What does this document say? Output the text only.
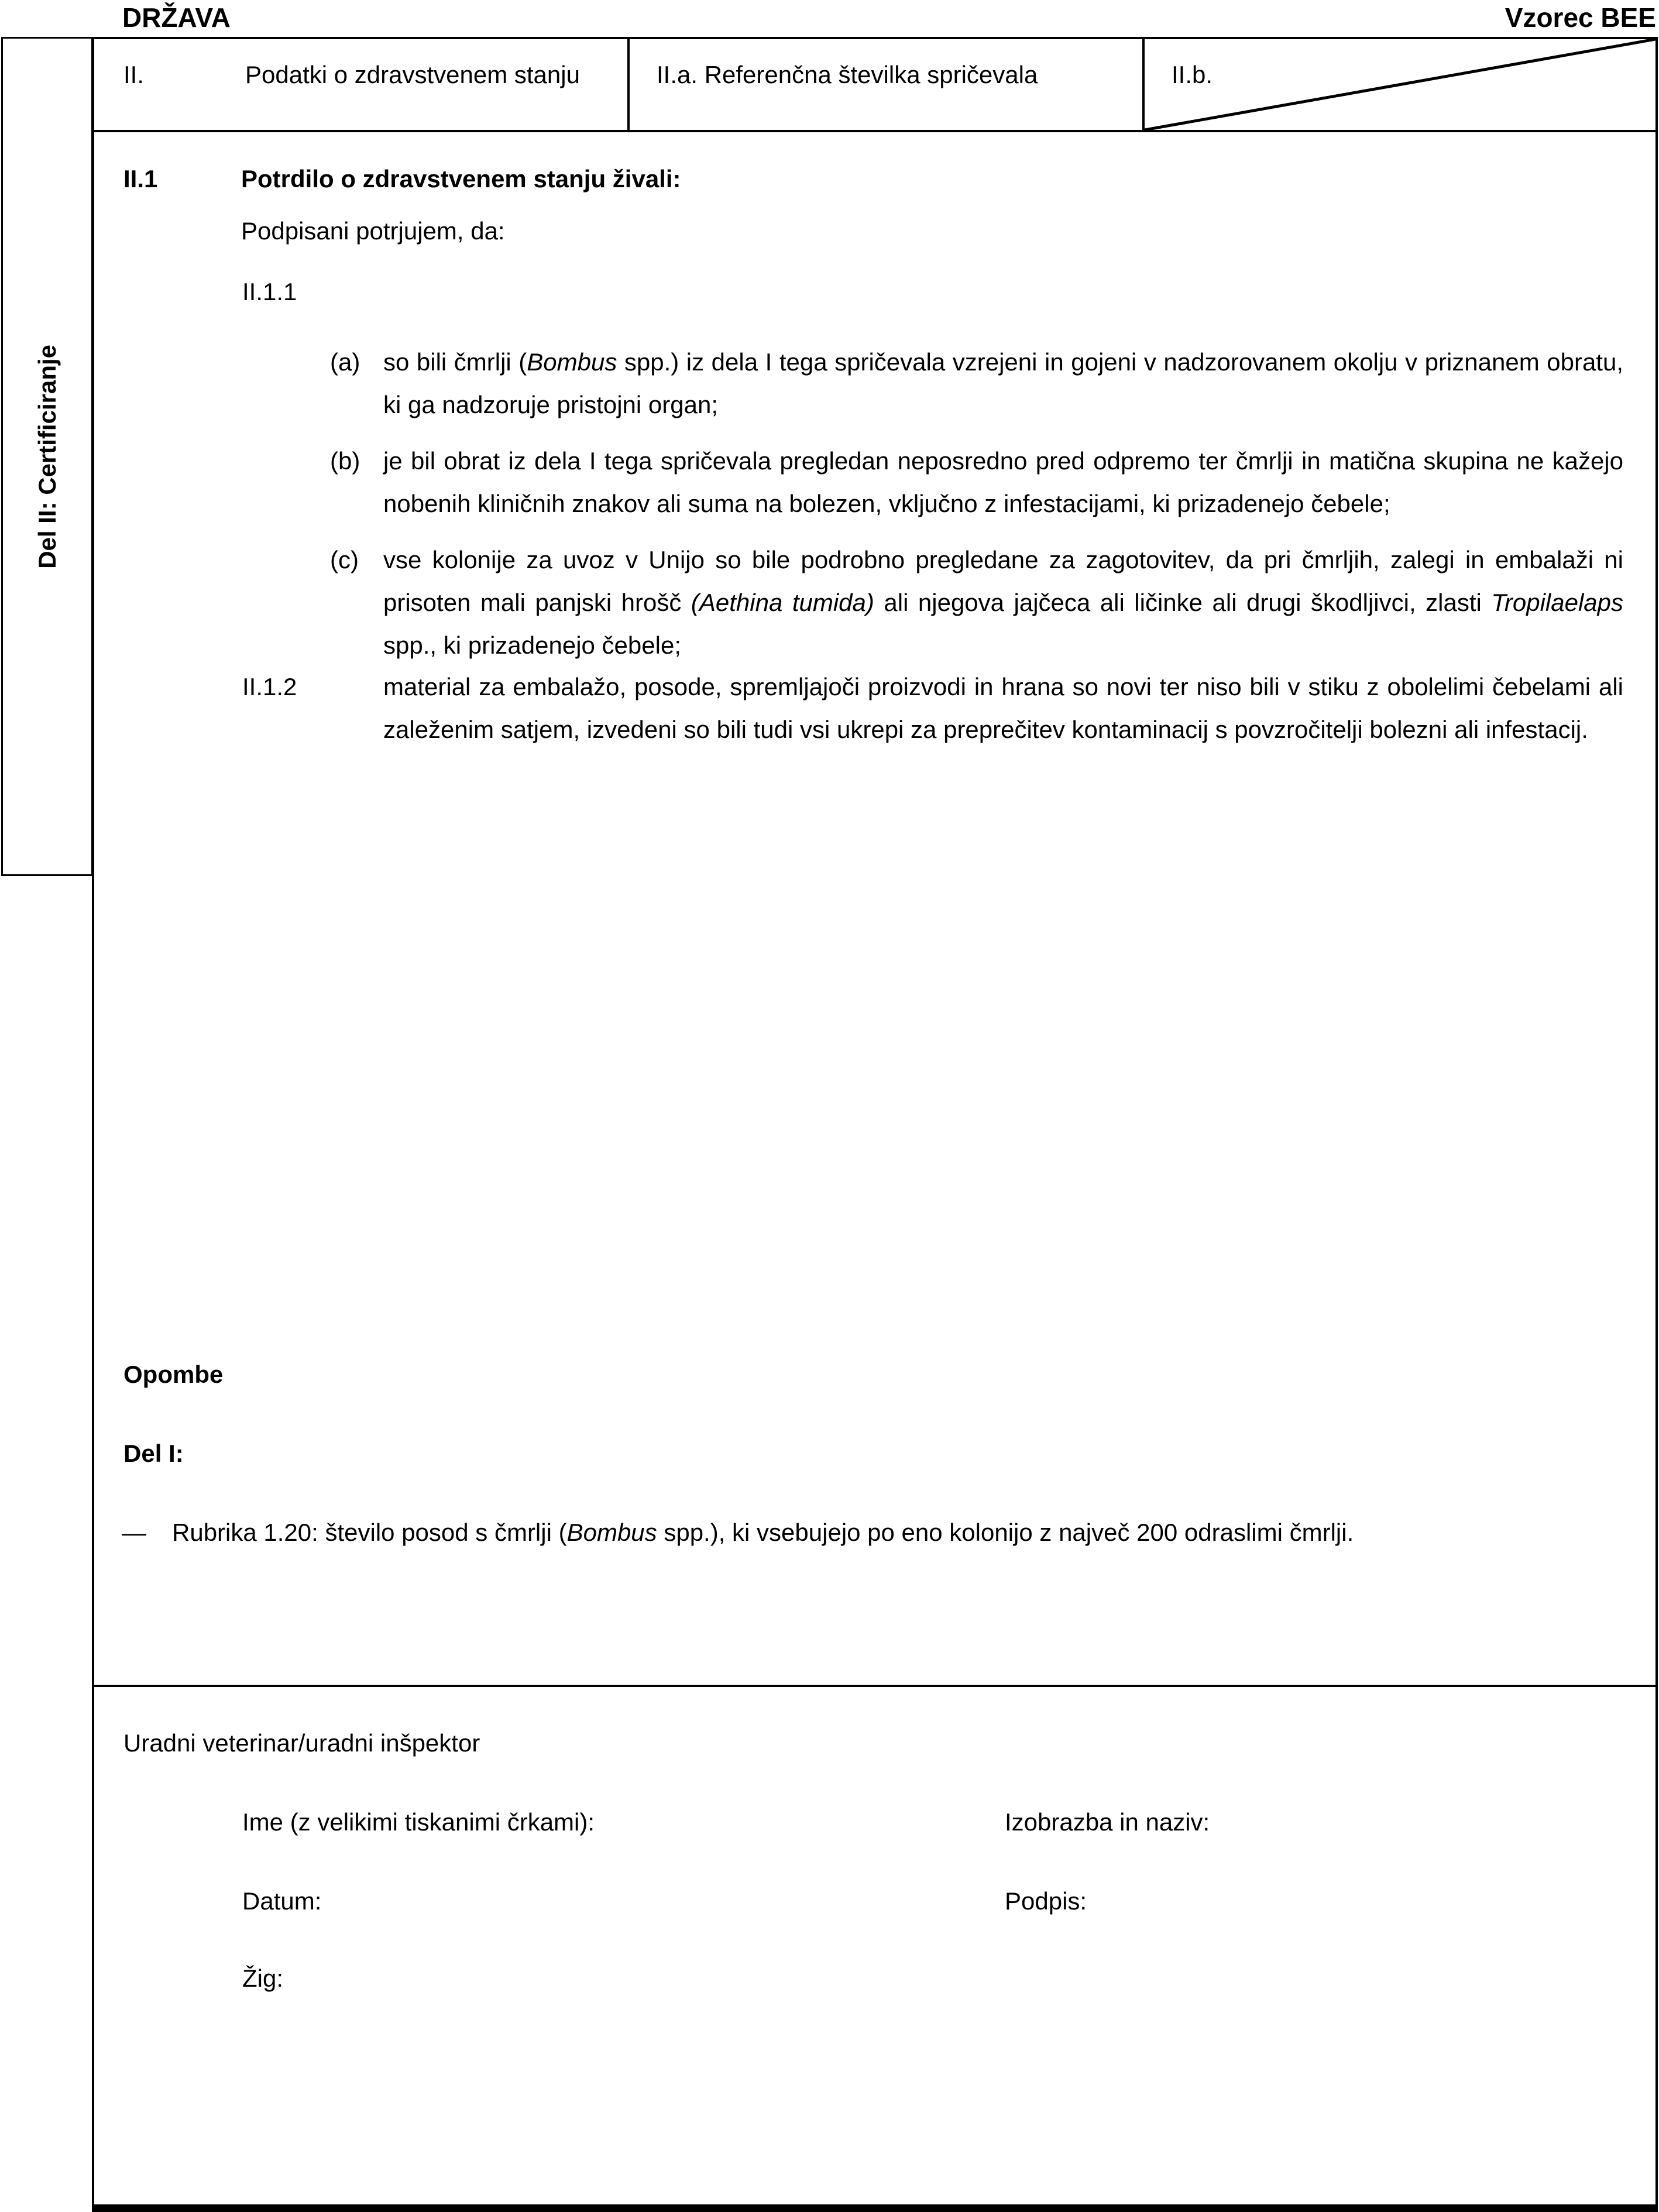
DRŽAVA	Vzorec BEE
Del II: Certificiranje
II.	Podatki o zdravstvenem stanju	II.a. Referenčna številka spričevala	II.b.
II.1	Potrdilo o zdravstvenem stanju živali:
Podpisani potrjujem, da:
II.1.1
(a) so bili čmrlji (Bombus spp.) iz dela I tega spričevala vzrejeni in gojeni v nadzorovanem okolju v priznanem obratu, ki ga nadzoruje pristojni organ;
(b) je bil obrat iz dela I tega spričevala pregledan neposredno pred odpremo ter čmrlji in matična skupina ne kažejo nobenih kliničnih znakov ali suma na bolezen, vključno z infestacijami, ki prizadenejo čebele;
(c) vse kolonije za uvoz v Unijo so bile podrobno pregledane za zagotovitev, da pri čmrljih, zalegi in embalaži ni prisoten mali panjski hrošč (Aethina tumida) ali njegova jajčeca ali ličinke ali drugi škodljivci, zlasti Tropilaelaps spp., ki prizadenejo čebele;
II.1.2	material za embalažo, posode, spremljajoči proizvodi in hrana so novi ter niso bili v stiku z obolelimi čebelami ali zaleženim satjem, izvedeni so bili tudi vsi ukrepi za preprečitev kontaminacij s povzročitelji bolezni ali infestacij.
Opombe
Del I:
— Rubrika 1.20: število posod s čmrlji (Bombus spp.), ki vsebujejo po eno kolonijo z največ 200 odraslimi čmrlji.
Uradni veterinar/uradni inšpektor
Ime (z velikimi tiskanimi črkami):	Izobrazba in naziv:
Datum:	Podpis:
Žig:
